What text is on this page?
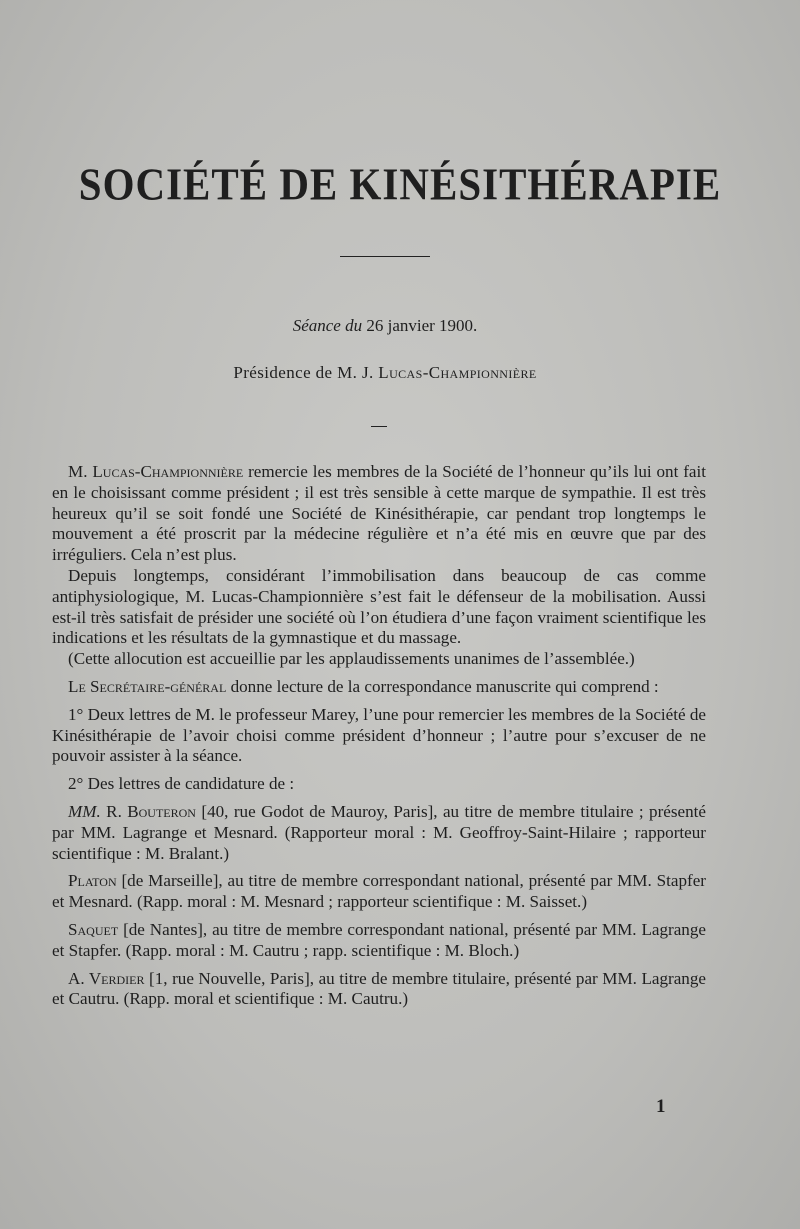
SOCIÉTÉ DE KINÉSITHÉRAPIE
Séance du 26 janvier 1900.
Présidence de M. J. Lucas-Championnière

M. Lucas-Championnière remercie les membres de la Société de l’honneur qu’ils lui ont fait en le choisissant comme président ; il est très sensible à cette marque de sympathie. Il est très heureux qu’il se soit fondé une Société de Kinésithérapie, car pendant trop longtemps le mouvement a été proscrit par la médecine régulière et n’a été mis en œuvre que par des irréguliers. Cela n’est plus.

Depuis longtemps, considérant l’immobilisation dans beaucoup de cas comme antiphysiologique, M. Lucas-Championnière s’est fait le défenseur de la mobilisation. Aussi est-il très satisfait de présider une société où l’on étudiera d’une façon vraiment scientifique les indications et les résultats de la gymnastique et du massage.

(Cette allocution est accueillie par les applaudissements unanimes de l’assemblée.)

Le Secrétaire-général donne lecture de la correspondance manuscrite qui comprend :

1° Deux lettres de M. le professeur Marey, l’une pour remercier les membres de la Société de Kinésithérapie de l’avoir choisi comme président d’honneur ; l’autre pour s’excuser de ne pouvoir assister à la séance.

2° Des lettres de candidature de :

MM. R. Bouteron [40, rue Godot de Mauroy, Paris], au titre de membre titulaire ; présenté par MM. Lagrange et Mesnard. (Rapporteur moral : M. Geoffroy-Saint-Hilaire ; rapporteur scientifique : M. Bralant.)

Platon [de Marseille], au titre de membre correspondant national, présenté par MM. Stapfer et Mesnard. (Rapp. moral : M. Mesnard ; rapporteur scientifique : M. Saisset.)

Saquet [de Nantes], au titre de membre correspondant national, présenté par MM. Lagrange et Stapfer. (Rapp. moral : M. Cautru ; rapp. scientifique : M. Bloch.)

A. Verdier [1, rue Nouvelle, Paris], au titre de membre titulaire, présenté par MM. Lagrange et Cautru. (Rapp. moral et scientifique : M. Cautru.)

1
